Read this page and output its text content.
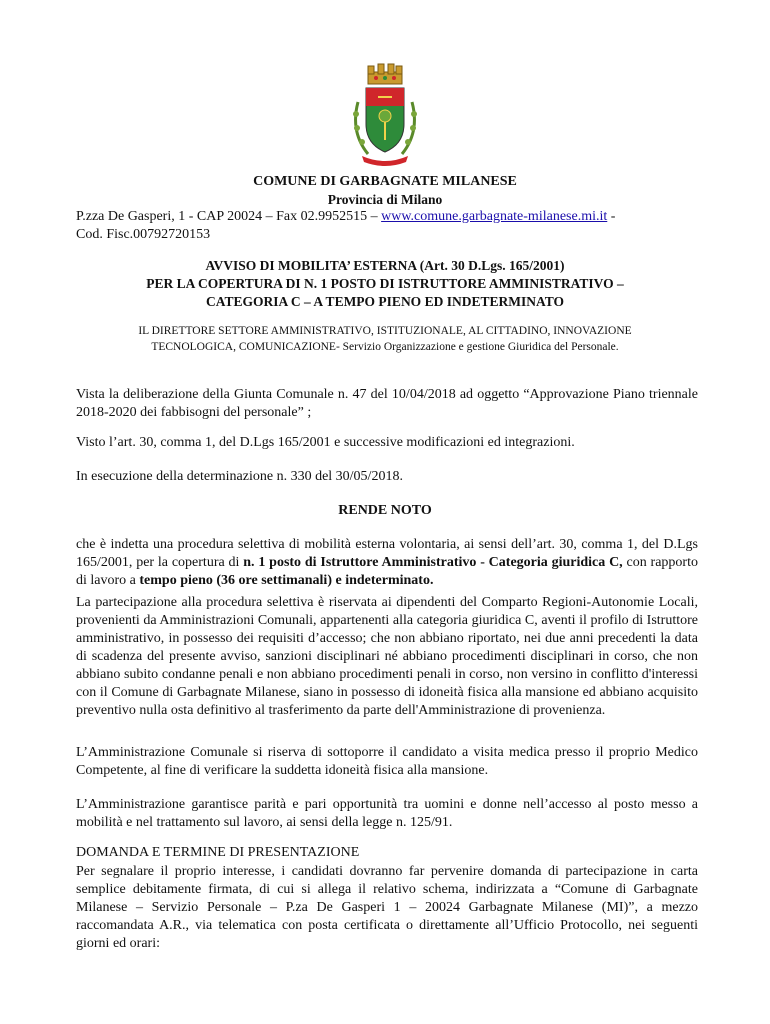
COMUNE DI GARBAGNATE MILANESE
Provincia di Milano
P.zza De Gasperi, 1 - CAP 20024 – Fax 02.9952515 – www.comune.garbagnate-milanese.mi.it -
Cod. Fisc.00792720153
AVVISO DI MOBILITA’ ESTERNA (Art. 30 D.Lgs. 165/2001)
PER LA COPERTURA DI N. 1 POSTO DI ISTRUTTORE AMMINISTRATIVO –
CATEGORIA C – A TEMPO PIENO ED INDETERMINATO
IL DIRETTORE SETTORE AMMINISTRATIVO, ISTITUZIONALE, AL CITTADINO, INNOVAZIONE
TECNOLOGICA, COMUNICAZIONE- Servizio Organizzazione e gestione Giuridica del Personale.
Vista la deliberazione della Giunta Comunale n. 47 del 10/04/2018 ad oggetto “Approvazione Piano triennale 2018-2020 dei fabbisogni del personale” ;
Visto l’art. 30, comma 1, del D.Lgs 165/2001 e successive modificazioni ed integrazioni.
In esecuzione della determinazione n. 330 del 30/05/2018.
RENDE NOTO
che è indetta una procedura selettiva di mobilità esterna volontaria, ai sensi dell’art. 30, comma 1, del D.Lgs 165/2001, per la copertura di n. 1 posto di Istruttore Amministrativo - Categoria giuridica C, con rapporto di lavoro a tempo pieno (36 ore settimanali) e indeterminato.
La partecipazione alla procedura selettiva è riservata ai dipendenti del Comparto Regioni-Autonomie Locali, provenienti da Amministrazioni Comunali, appartenenti alla categoria giuridica C, aventi il profilo di Istruttore amministrativo, in possesso dei requisiti d’accesso; che non abbiano riportato, nei due anni precedenti la data di scadenza del presente avviso, sanzioni disciplinari né abbiano procedimenti disciplinari in corso, che non abbiano subito condanne penali e non abbiano procedimenti penali in corso, non versino in conflitto d'interessi con il Comune di Garbagnate Milanese, siano in possesso di idoneità fisica alla mansione ed abbiano acquisito preventivo nulla osta definitivo al trasferimento da parte dell'Amministrazione di provenienza.
L’Amministrazione Comunale si riserva di sottoporre il candidato a visita medica presso il proprio Medico Competente, al fine di verificare la suddetta idoneità fisica alla mansione.
L’Amministrazione garantisce parità e pari opportunità tra uomini e donne nell’accesso al posto messo a mobilità e nel trattamento sul lavoro, ai sensi della legge n. 125/91.
DOMANDA E TERMINE DI PRESENTAZIONE
Per segnalare il proprio interesse, i candidati dovranno far pervenire domanda di partecipazione in carta semplice debitamente firmata, di cui si allega il relativo schema, indirizzata a “Comune di Garbagnate Milanese – Servizio Personale – P.za De Gasperi 1 – 20024 Garbagnate Milanese (MI)”, a mezzo raccomandata A.R., via telematica con posta certificata o direttamente all’Ufficio Protocollo, nei seguenti giorni ed orari:
